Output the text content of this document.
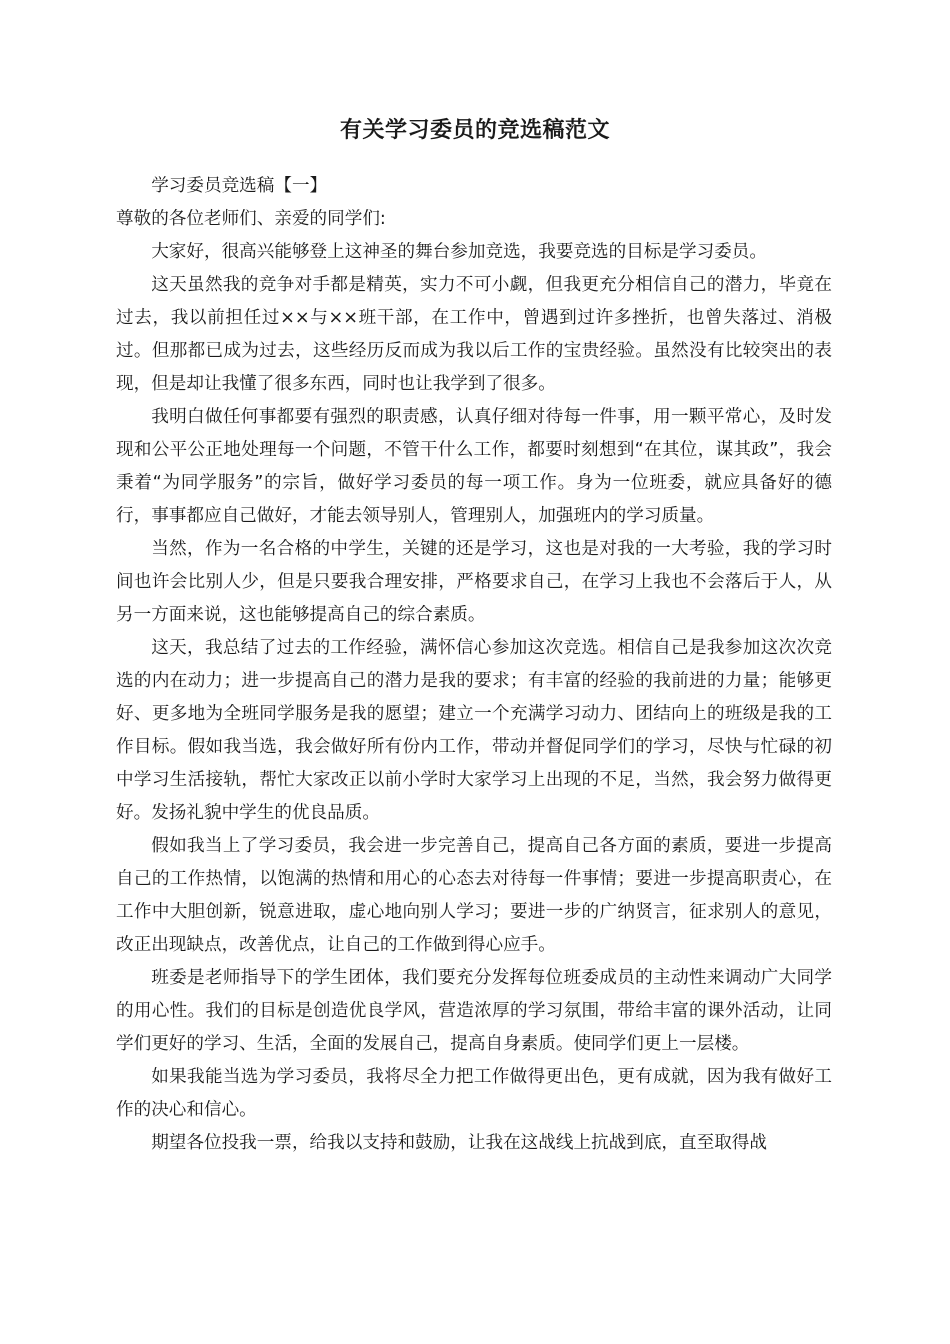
有关学习委员的竞选稿范文

学习委员竞选稿【一】

尊敬的各位老师们、亲爱的同学们:

大家好，很高兴能够登上这神圣的舞台参加竞选，我要竞选的目标是学习委员。

这天虽然我的竞争对手都是精英，实力不可小觑，但我更充分相信自己的潜力，毕竟在过去，我以前担任过××与××班干部，在工作中，曾遇到过许多挫折，也曾失落过、消极过。但那都已成为过去，这些经历反而成为我以后工作的宝贵经验。虽然没有比较突出的表现，但是却让我懂了很多东西，同时也让我学到了很多。

我明白做任何事都要有强烈的职责感，认真仔细对待每一件事，用一颗平常心，及时发现和公平公正地处理每一个问题，不管干什么工作，都要时刻想到“在其位，谋其政”，我会秉着“为同学服务”的宗旨，做好学习委员的每一项工作。身为一位班委，就应具备好的德行，事事都应自己做好，才能去领导别人，管理别人，加强班内的学习质量。

当然，作为一名合格的中学生，关键的还是学习，这也是对我的一大考验，我的学习时间也许会比别人少，但是只要我合理安排，严格要求自己，在学习上我也不会落后于人，从另一方面来说，这也能够提高自己的综合素质。

这天，我总结了过去的工作经验，满怀信心参加这次竞选。相信自己是我参加这次次竞选的内在动力；进一步提高自己的潜力是我的要求；有丰富的经验的我前进的力量；能够更好、更多地为全班同学服务是我的愿望；建立一个充满学习动力、团结向上的班级是我的工作目标。假如我当选，我会做好所有份内工作，带动并督促同学们的学习，尽快与忙碌的初中学习生活接轨，帮忙大家改正以前小学时大家学习上出现的不足，当然，我会努力做得更好。发扬礼貌中学生的优良品质。

假如我当上了学习委员，我会进一步完善自己，提高自己各方面的素质，要进一步提高自己的工作热情，以饱满的热情和用心的心态去对待每一件事情；要进一步提高职责心，在工作中大胆创新，锐意进取，虚心地向别人学习；要进一步的广纳贤言，征求别人的意见，改正出现缺点，改善优点，让自己的工作做到得心应手。

班委是老师指导下的学生团体，我们要充分发挥每位班委成员的主动性来调动广大同学的用心性。我们的目标是创造优良学风，营造浓厚的学习氛围，带给丰富的课外活动，让同学们更好的学习、生活，全面的发展自己，提高自身素质。使同学们更上一层楼。

如果我能当选为学习委员，我将尽全力把工作做得更出色，更有成就，因为我有做好工作的决心和信心。

期望各位投我一票，给我以支持和鼓励，让我在这战线上抗战到底，直至取得战
